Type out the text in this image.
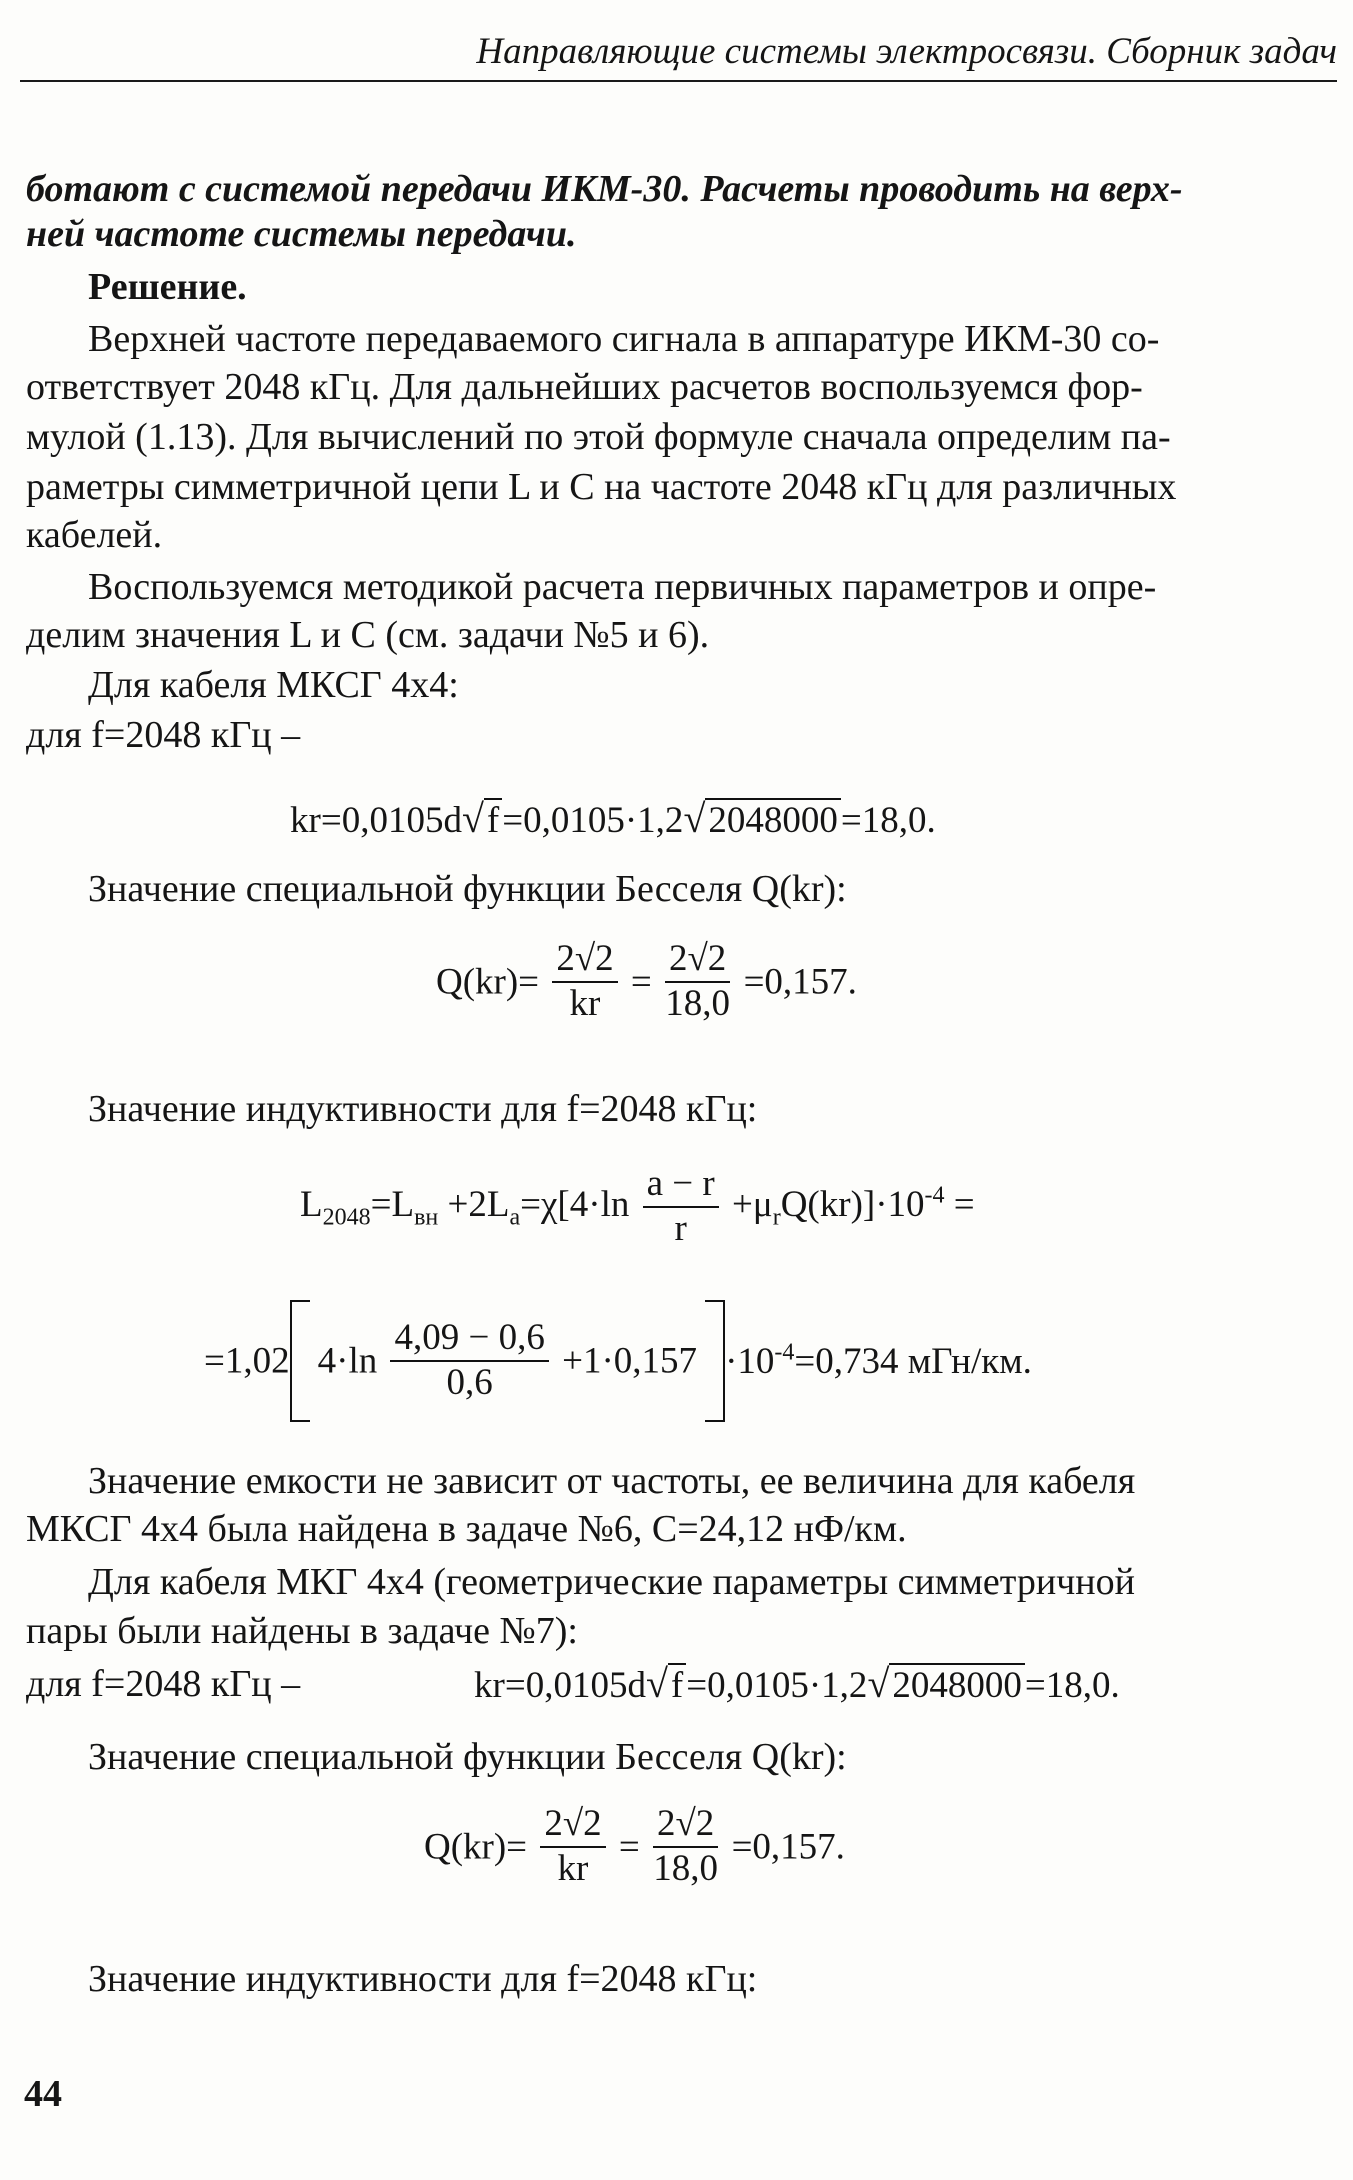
Направляющие системы электросвязи. Сборник задач
ботают с системой передачи ИКМ-30. Расчеты проводить на верх-
ней частоте системы передачи.
Решение.
Верхней частоте передаваемого сигнала в аппаратуре ИКМ-30 со-
ответствует 2048 кГц. Для дальнейших расчетов воспользуемся фор-
мулой (1.13). Для вычислений по этой формуле сначала определим па-
раметры симметричной цепи L и C на частоте 2048 кГц для различных
кабелей.
Воспользуемся методикой расчета первичных параметров и опре-
делим значения L и C (см. задачи №5 и 6).
Для кабеля МКСГ 4х4:
для f=2048 кГц –
kr=0,0105d√f=0,0105·1,2√2048000=18,0.
Значение специальной функции Бесселя Q(kr):
$Q(kr)= \frac{2√2}{kr} = \frac{2√2}{18,0} =0,157$.
Значение индуктивности для f=2048 кГц:
$L_{2048}=L_{вн} +2L_а=\chi[4\cdot\ln \frac{a - r}{r} +\mu_rQ(kr)]\cdot 10^{-4}$ =
=1,02 $4\cdot\ln \frac{4,09 - 0,6}{0,6} +1\cdot 0,157 \cdot 10^{-4}=0,734$ мГн/км.
Значение емкости не зависит от частоты, ее величина для кабеля
МКСГ 4х4 была найдена в задаче №6, С=24,12 нФ/км.
Для кабеля МКГ 4х4 (геометрические параметры симметричной
пары были найдены в задаче №7):
для f=2048 кГц –	kr=0,0105d√f=0,0105·1,2√2048000=18,0.
Значение специальной функции Бесселя Q(kr):
$Q(kr)= \frac{2√2}{kr} = \frac{2√2}{18,0} =0,157$.
Значение индуктивности для f=2048 кГц:
44
